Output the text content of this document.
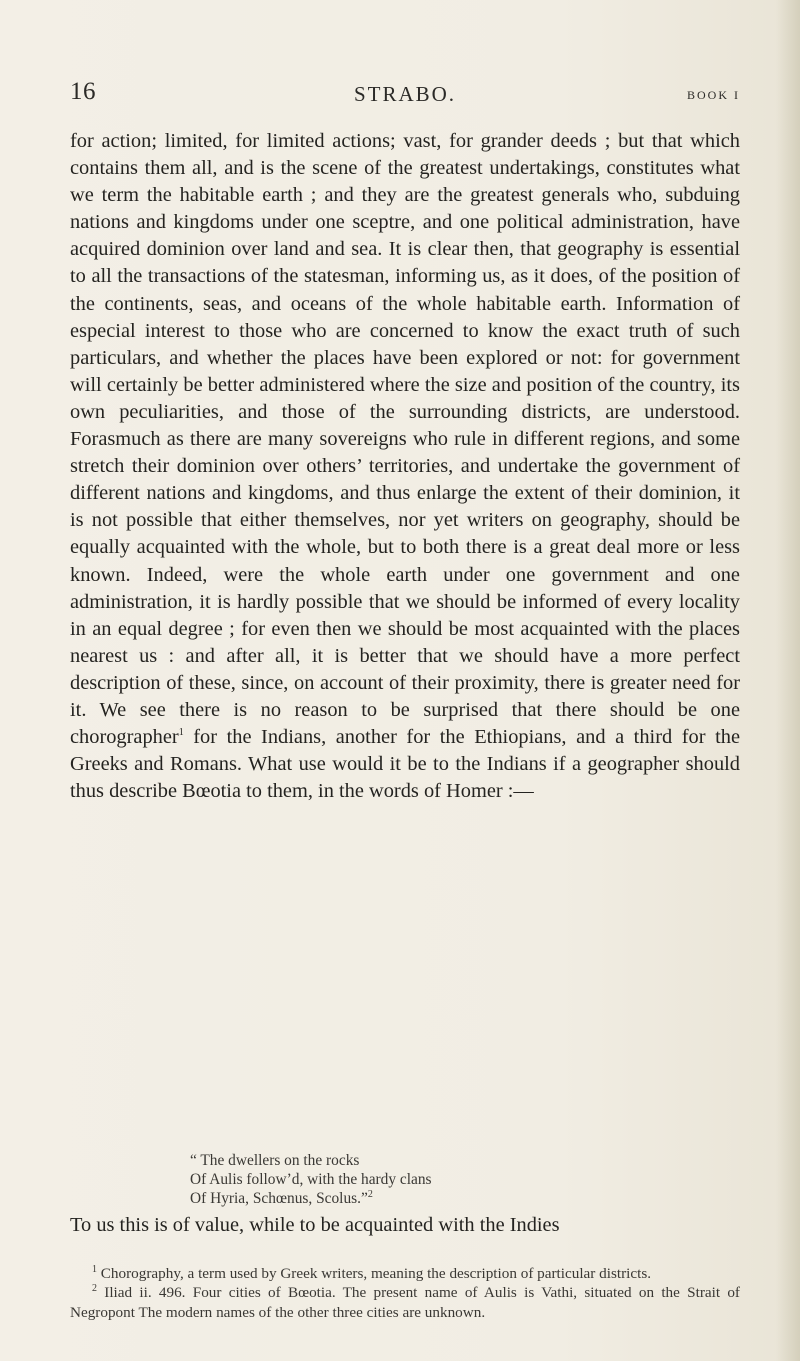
16	STRABO.	BOOK I

for action; limited, for limited actions; vast, for grander deeds ; but that which contains them all, and is the scene of the greatest undertakings, constitutes what we term the habitable earth ; and they are the greatest generals who, subduing nations and kingdoms under one sceptre, and one political administration, have acquired dominion over land and sea. It is clear then, that geography is essential to all the transactions of the statesman, informing us, as it does, of the position of the continents, seas, and oceans of the whole habitable earth. Information of especial interest to those who are concerned to know the exact truth of such particulars, and whether the places have been explored or not: for government will certainly be better administered where the size and position of the country, its own peculiarities, and those of the surrounding districts, are understood. Forasmuch as there are many sovereigns who rule in different regions, and some stretch their dominion over others’ territories, and undertake the government of different nations and kingdoms, and thus enlarge the extent of their dominion, it is not possible that either themselves, nor yet writers on geography, should be equally acquainted with the whole, but to both there is a great deal more or less known. Indeed, were the whole earth under one government and one administration, it is hardly possible that we should be informed of every locality in an equal degree ; for even then we should be most acquainted with the places nearest us : and after all, it is better that we should have a more perfect description of these, since, on account of their proximity, there is greater need for it. We see there is no reason to be surprised that there should be one chorographer$^1$ for the Indians, another for the Ethiopians, and a third for the Greeks and Romans. What use would it be to the Indians if a geographer should thus describe Bœotia to them, in the words of Homer :—

“ The dwellers on the rocks
Of Aulis follow’d, with the hardy clans
Of Hyria, Schœnus, Scolus.”$^2$
To us this is of value, while to be acquainted with the Indies

$^1$ Chorography, a term used by Greek writers, meaning the description of particular districts.

$^2$ Iliad ii. 496. Four cities of Bœotia. The present name of Aulis is Vathi, situated on the Strait of Negropont The modern names of the other three cities are unknown.
